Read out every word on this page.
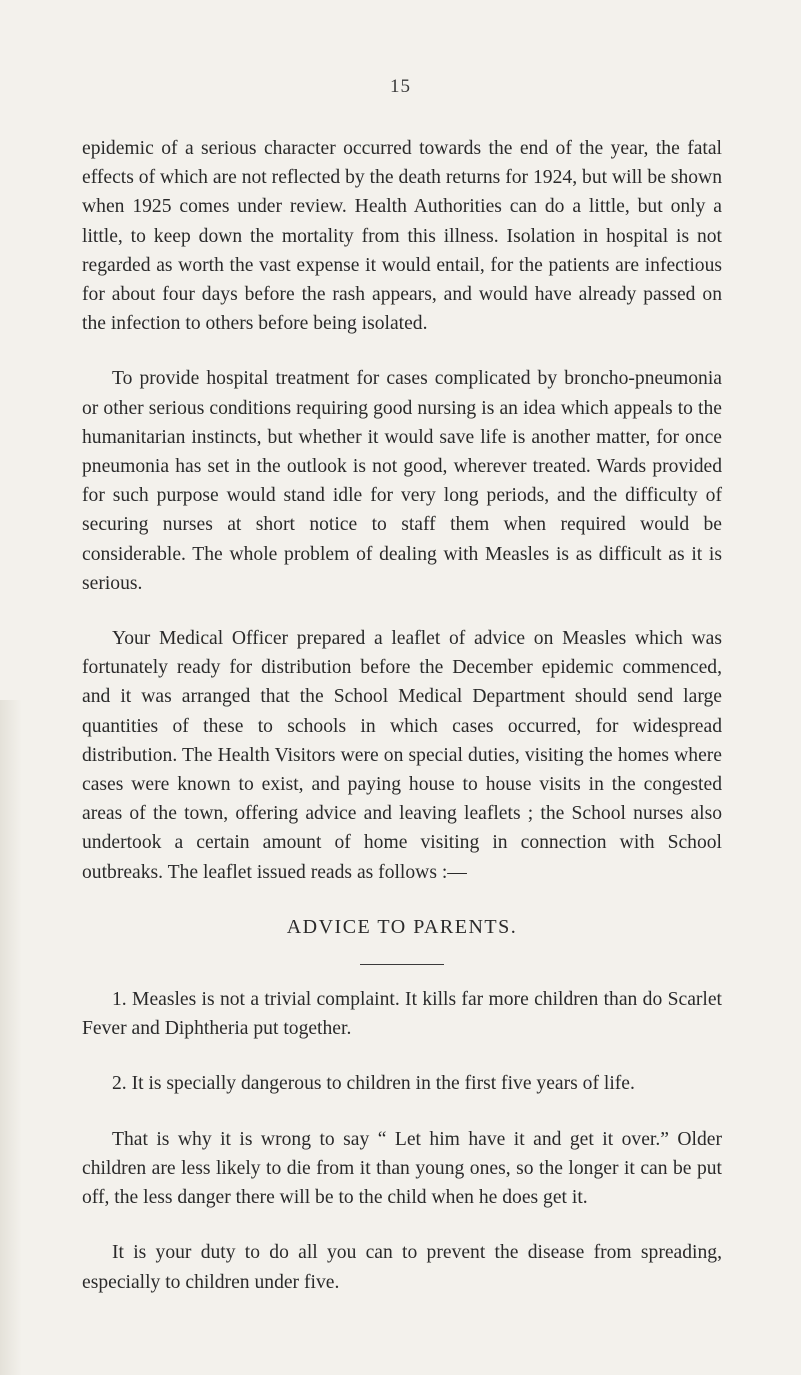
15

epidemic of a serious character occurred towards the end of the year, the fatal effects of which are not reflected by the death returns for 1924, but will be shown when 1925 comes under review. Health Authorities can do a little, but only a little, to keep down the mortality from this illness. Isolation in hospital is not regarded as worth the vast expense it would entail, for the patients are infectious for about four days before the rash appears, and would have already passed on the infection to others before being isolated.

To provide hospital treatment for cases complicated by broncho-pneumonia or other serious conditions requiring good nursing is an idea which appeals to the humanitarian instincts, but whether it would save life is another matter, for once pneumonia has set in the outlook is not good, wherever treated. Wards provided for such purpose would stand idle for very long periods, and the difficulty of securing nurses at short notice to staff them when required would be considerable. The whole problem of dealing with Measles is as difficult as it is serious.

Your Medical Officer prepared a leaflet of advice on Measles which was fortunately ready for distribution before the December epidemic commenced, and it was arranged that the School Medical Department should send large quantities of these to schools in which cases occurred, for widespread distribution. The Health Visitors were on special duties, visiting the homes where cases were known to exist, and paying house to house visits in the congested areas of the town, offering advice and leaving leaflets ; the School nurses also undertook a certain amount of home visiting in connection with School outbreaks. The leaflet issued reads as follows :—

ADVICE TO PARENTS.

1. Measles is not a trivial complaint. It kills far more children than do Scarlet Fever and Diphtheria put together.

2. It is specially dangerous to children in the first five years of life.

That is why it is wrong to say “ Let him have it and get it over.” Older children are less likely to die from it than young ones, so the longer it can be put off, the less danger there will be to the child when he does get it.

It is your duty to do all you can to prevent the disease from spreading, especially to children under five.
